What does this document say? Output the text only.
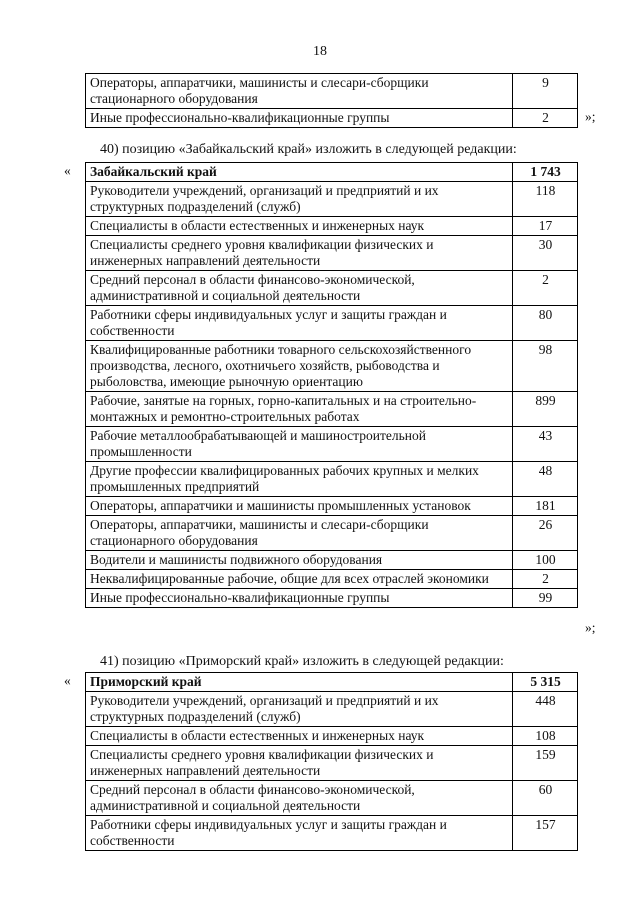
18
Операторы, аппаратчики, машинисты и слесари-сборщики стационарного оборудования	9
Иные профессионально-квалификационные группы	2	»;
40) позицию «Забайкальский край» изложить в следующей редакции:
« Забайкальский край	1 743
Руководители учреждений, организаций и предприятий и их структурных подразделений (служб)	118
Специалисты в области естественных и инженерных наук	17
Специалисты среднего уровня квалификации физических и инженерных направлений деятельности	30
Средний персонал в области финансово-экономической, административной и социальной деятельности	2
Работники сферы индивидуальных услуг и защиты граждан и собственности	80
Квалифицированные работники товарного сельскохозяйственного производства, лесного, охотничьего хозяйств, рыбоводства и рыболовства, имеющие рыночную ориентацию	98
Рабочие, занятые на горных, горно-капитальных и на строительно-монтажных и ремонтно-строительных работах	899
Рабочие металлообрабатывающей и машиностроительной промышленности	43
Другие профессии квалифицированных рабочих крупных и мелких промышленных предприятий	48
Операторы, аппаратчики и машинисты промышленных установок	181
Операторы, аппаратчики, машинисты и слесари-сборщики стационарного оборудования	26
Водители и машинисты подвижного оборудования	100
Неквалифицированные рабочие, общие для всех отраслей экономики	2
Иные профессионально-квалификационные группы	99
»;
41) позицию «Приморский край» изложить в следующей редакции:
« Приморский край	5 315
Руководители учреждений, организаций и предприятий и их структурных подразделений (служб)	448
Специалисты в области естественных и инженерных наук	108
Специалисты среднего уровня квалификации физических и инженерных направлений деятельности	159
Средний персонал в области финансово-экономической, административной и социальной деятельности	60
Работники сферы индивидуальных услуг и защиты граждан и собственности	157
